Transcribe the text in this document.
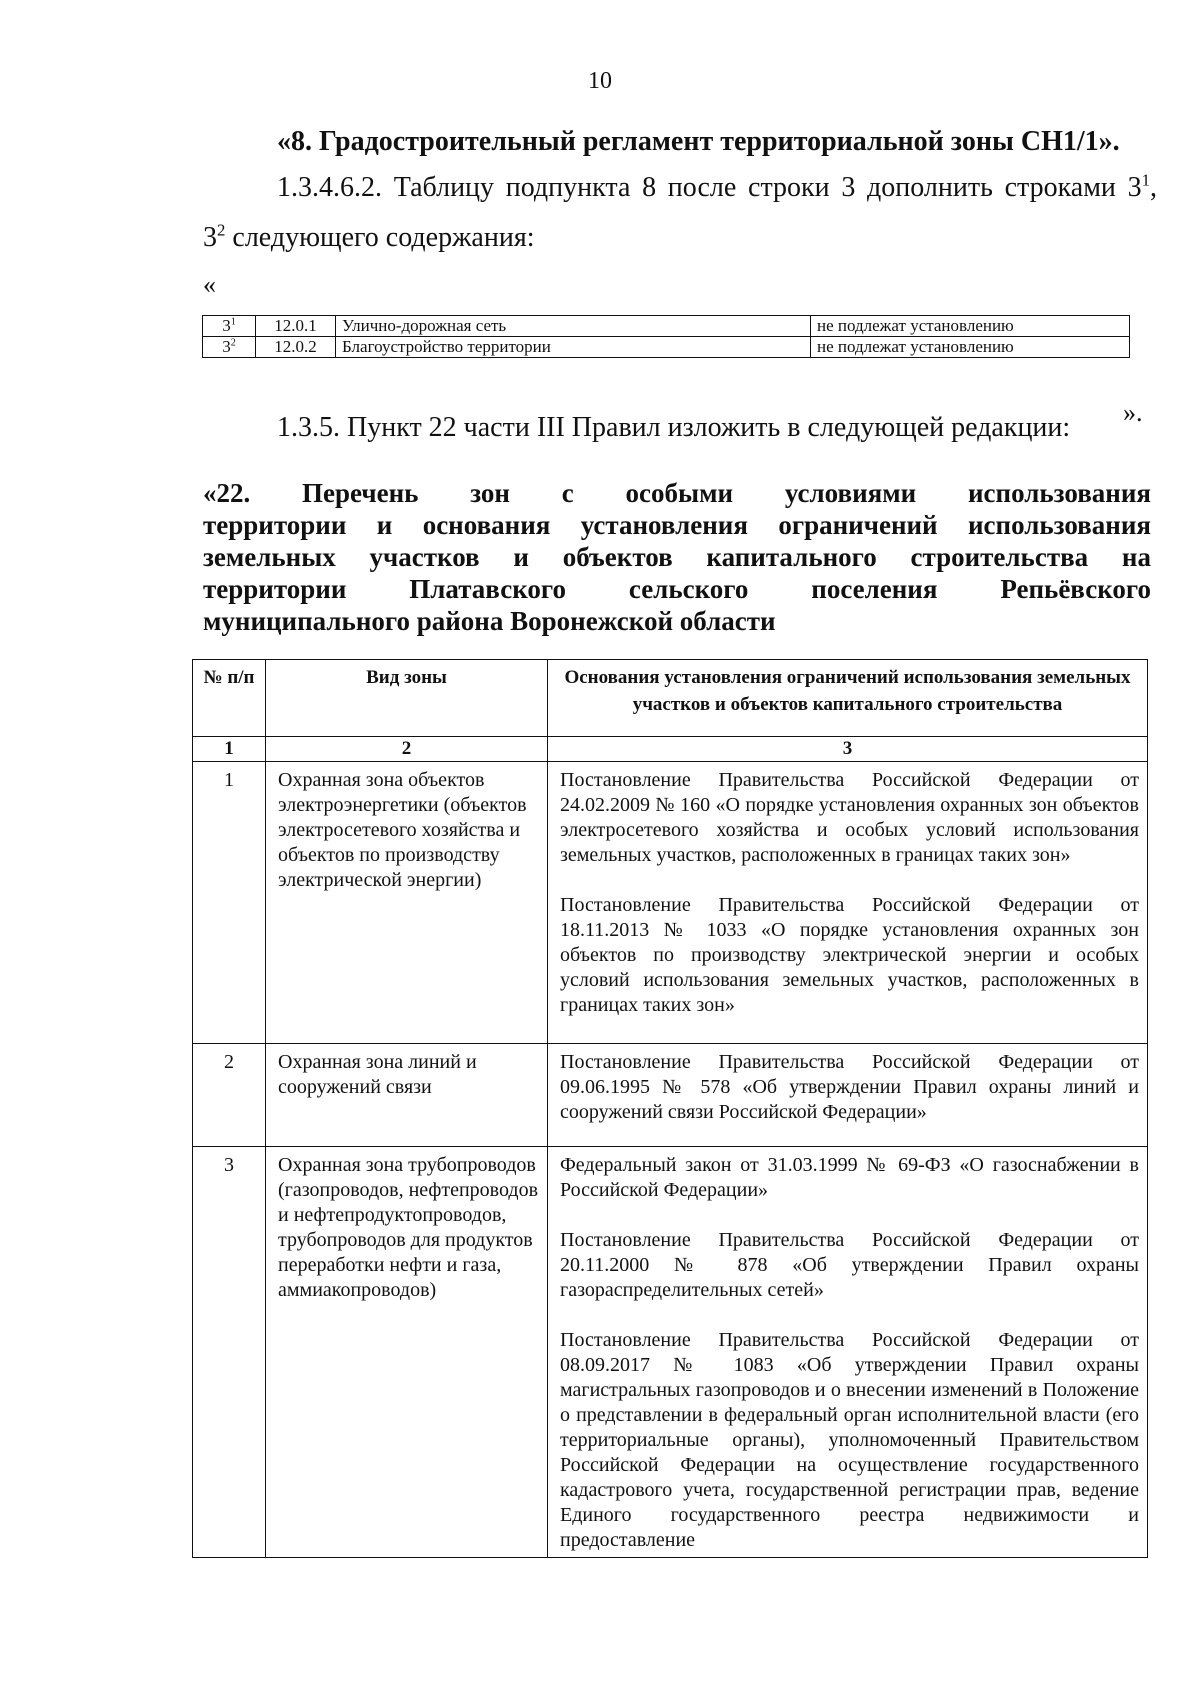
10
«8. Градостроительный регламент территориальной зоны СН1/1».
1.3.4.6.2. Таблицу подпункта 8 после строки 3 дополнить строками $3^1$,
$3^2$ следующего содержания:
«
$3^1$	12.0.1	Улично-дорожная сеть	не подлежат установлению
$3^2$	12.0.2	Благоустройство территории	не подлежат установлению
».
1.3.5. Пункт 22 части III Правил изложить в следующей редакции:
«22. Перечень зон с особыми условиями использования
территории и основания установления ограничений использования
земельных участков и объектов капитального строительства на
территории Платавского сельского поселения Репьёвского
муниципального района Воронежской области
№ п/п	Вид зоны	Основания установления ограничений использования земельных участков и объектов капитального строительства
1	2	3
1	Охранная зона объектов электроэнергетики (объектов электросетевого хозяйства и объектов по производству электрической энергии)	Постановление Правительства Российской Федерации от 24.02.2009 № 160 «О порядке установления охранных зон объектов электросетевого хозяйства и особых условий использования земельных участков, расположенных в границах таких зон»

Постановление Правительства Российской Федерации от 18.11.2013 № 1033 «О порядке установления охранных зон объектов по производству электрической энергии и особых условий использования земельных участков, расположенных в границах таких зон»

2	Охранная зона линий и сооружений связи	Постановление Правительства Российской Федерации от 09.06.1995 № 578 «Об утверждении Правил охраны линий и сооружений связи Российской Федерации»

3	Охранная зона трубопроводов (газопроводов, нефтепроводов и нефтепродуктопроводов, трубопроводов для продуктов переработки нефти и газа, аммиакопроводов)	Федеральный закон от 31.03.1999 № 69-ФЗ «О газоснабжении в Российской Федерации»

Постановление Правительства Российской Федерации от 20.11.2000 № 878 «Об утверждении Правил охраны газораспределительных сетей»

Постановление Правительства Российской Федерации от 08.09.2017 № 1083 «Об утверждении Правил охраны магистральных газопроводов и о внесении изменений в Положение о представлении в федеральный орган исполнительной власти (его территориальные органы), уполномоченный Правительством Российской Федерации на осуществление государственного кадастрового учета, государственной регистрации прав, ведение Единого государственного реестра недвижимости и предоставление
